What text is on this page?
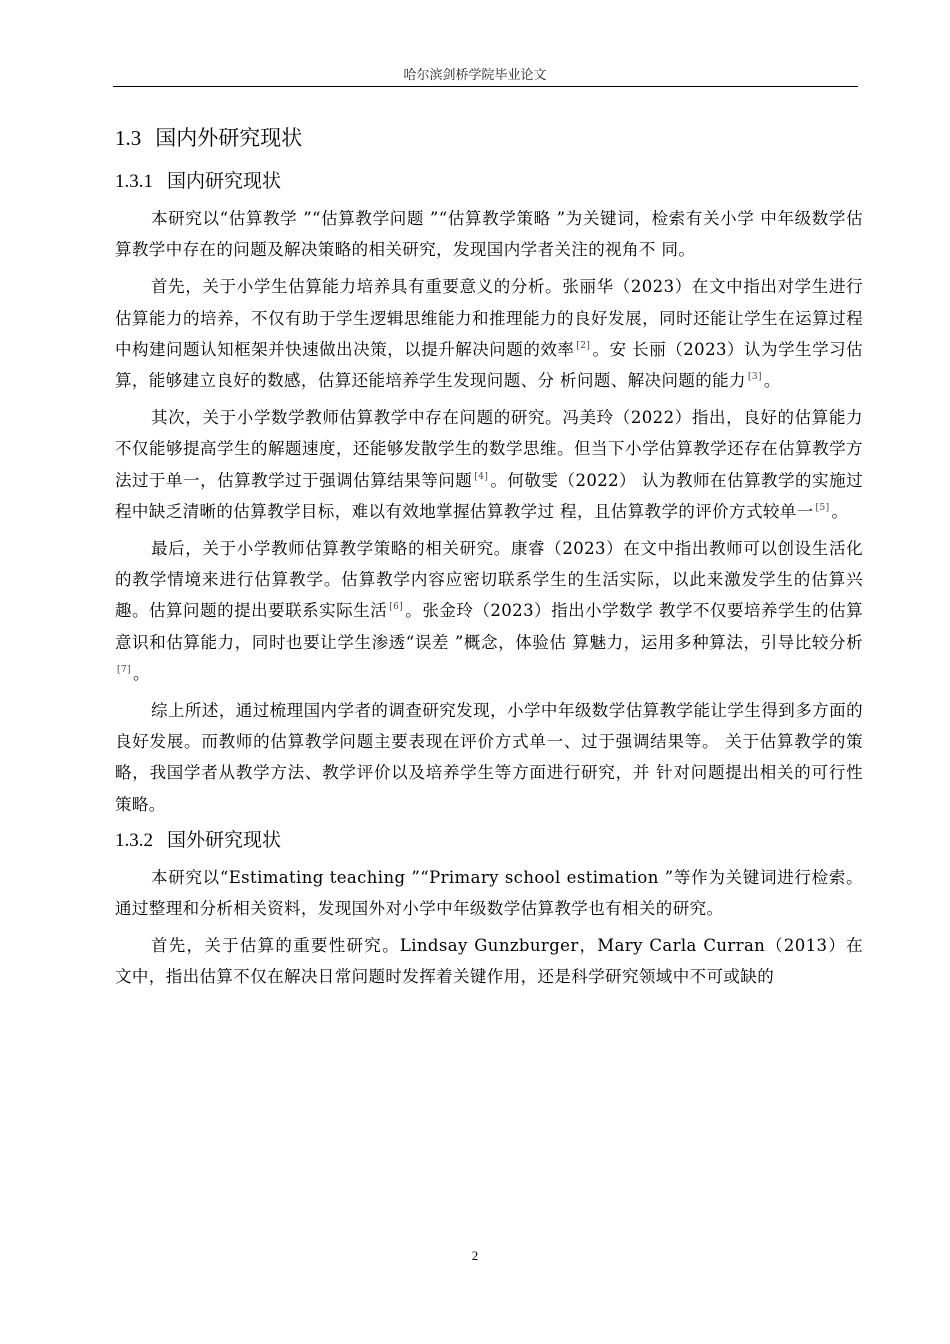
哈尔滨剑桥学院毕业论文
1.3 国内外研究现状
1.3.1 国内研究现状

本研究以“估算教学 ”“估算教学问题 ”“估算教学策略 ”为关键词，检索有关小学 中年级数学估算教学中存在的问题及解决策略的相关研究，发现国内学者关注的视角不 同。

首先，关于小学生估算能力培养具有重要意义的分析。张丽华（2023）在文中指出对学生进行估算能力的培养，不仅有助于学生逻辑思维能力和推理能力的良好发展，同时还能让学生在运算过程中构建问题认知框架并快速做出决策，以提升解决问题的效率 [2] 。安 长丽（2023）认为学生学习估算，能够建立良好的数感，估算还能培养学生发现问题、分 析问题、解决问题的能力 [3] 。

其次，关于小学数学教师估算教学中存在问题的研究。冯美玲（2022）指出，良好的估算能力不仅能够提高学生的解题速度，还能够发散学生的数学思维。但当下小学估算教学还存在估算教学方法过于单一，估算教学过于强调估算结果等问题 [4] 。何敬雯（2022） 认为教师在估算教学的实施过程中缺乏清晰的估算教学目标，难以有效地掌握估算教学过 程，且估算教学的评价方式较单一 [5] 。

最后，关于小学教师估算教学策略的相关研究。康睿（2023）在文中指出教师可以创设生活化的教学情境来进行估算教学。估算教学内容应密切联系学生的生活实际，以此来激发学生的估算兴趣。估算问题的提出要联系实际生活 [6] 。张金玲（2023）指出小学数学 教学不仅要培养学生的估算意识和估算能力，同时也要让学生渗透“误差 ”概念，体验估 算魅力，运用多种算法，引导比较分析[7] 。

综上所述，通过梳理国内学者的调查研究发现，小学中年级数学估算教学能让学生得到多方面的良好发展。而教师的估算教学问题主要表现在评价方式单一、过于强调结果等。 关于估算教学的策略，我国学者从教学方法、教学评价以及培养学生等方面进行研究，并 针对问题提出相关的可行性策略。

1.3.2 国外研究现状

本研究以“Estimating teaching ”“Primary school estimation ”等作为关键词进行检索。 通过整理和分析相关资料，发现国外对小学中年级数学估算教学也有相关的研究。

首先，关于估算的重要性研究。Lindsay Gunzburger，Mary Carla Curran（2013）在 文中，指出估算不仅在解决日常问题时发挥着关键作用，还是科学研究领域中不可或缺的

2
